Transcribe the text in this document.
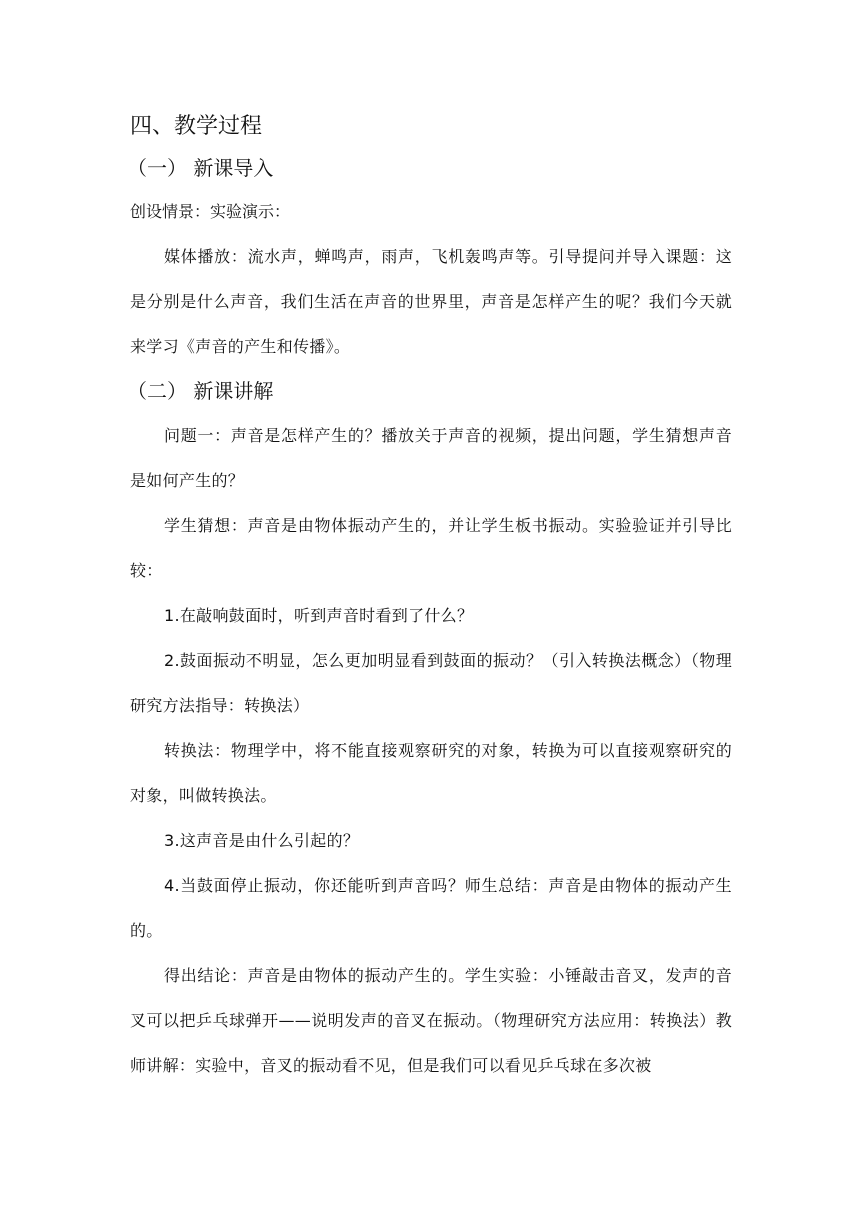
四、教学过程
（一） 新课导入

创设情景：实验演示：

媒体播放：流水声，蝉鸣声，雨声，飞机轰鸣声等。引导提问并导入课题：这是分别是什么声音，我们生活在声音的世界里，声音是怎样产生的呢？我们今天就来学习《声音的产生和传播》。

（二） 新课讲解

问题一：声音是怎样产生的？播放关于声音的视频，提出问题，学生猜想声音是如何产生的？

学生猜想：声音是由物体振动产生的，并让学生板书振动。实验验证并引导比较：

1.在敲响鼓面时，听到声音时看到了什么？

2.鼓面振动不明显，怎么更加明显看到鼓面的振动？（引入转换法概念）（物理研究方法指导：转换法）

转换法：物理学中，将不能直接观察研究的对象，转换为可以直接观察研究的对象，叫做转换法。

3.这声音是由什么引起的？

4.当鼓面停止振动，你还能听到声音吗？师生总结：声音是由物体的振动产生的。

得出结论：声音是由物体的振动产生的。学生实验：小锤敲击音叉，发声的音叉可以把乒乓球弹开——说明发声的音叉在振动。（物理研究方法应用：转换法）教师讲解：实验中，音叉的振动看不见，但是我们可以看见乒乓球在多次被
